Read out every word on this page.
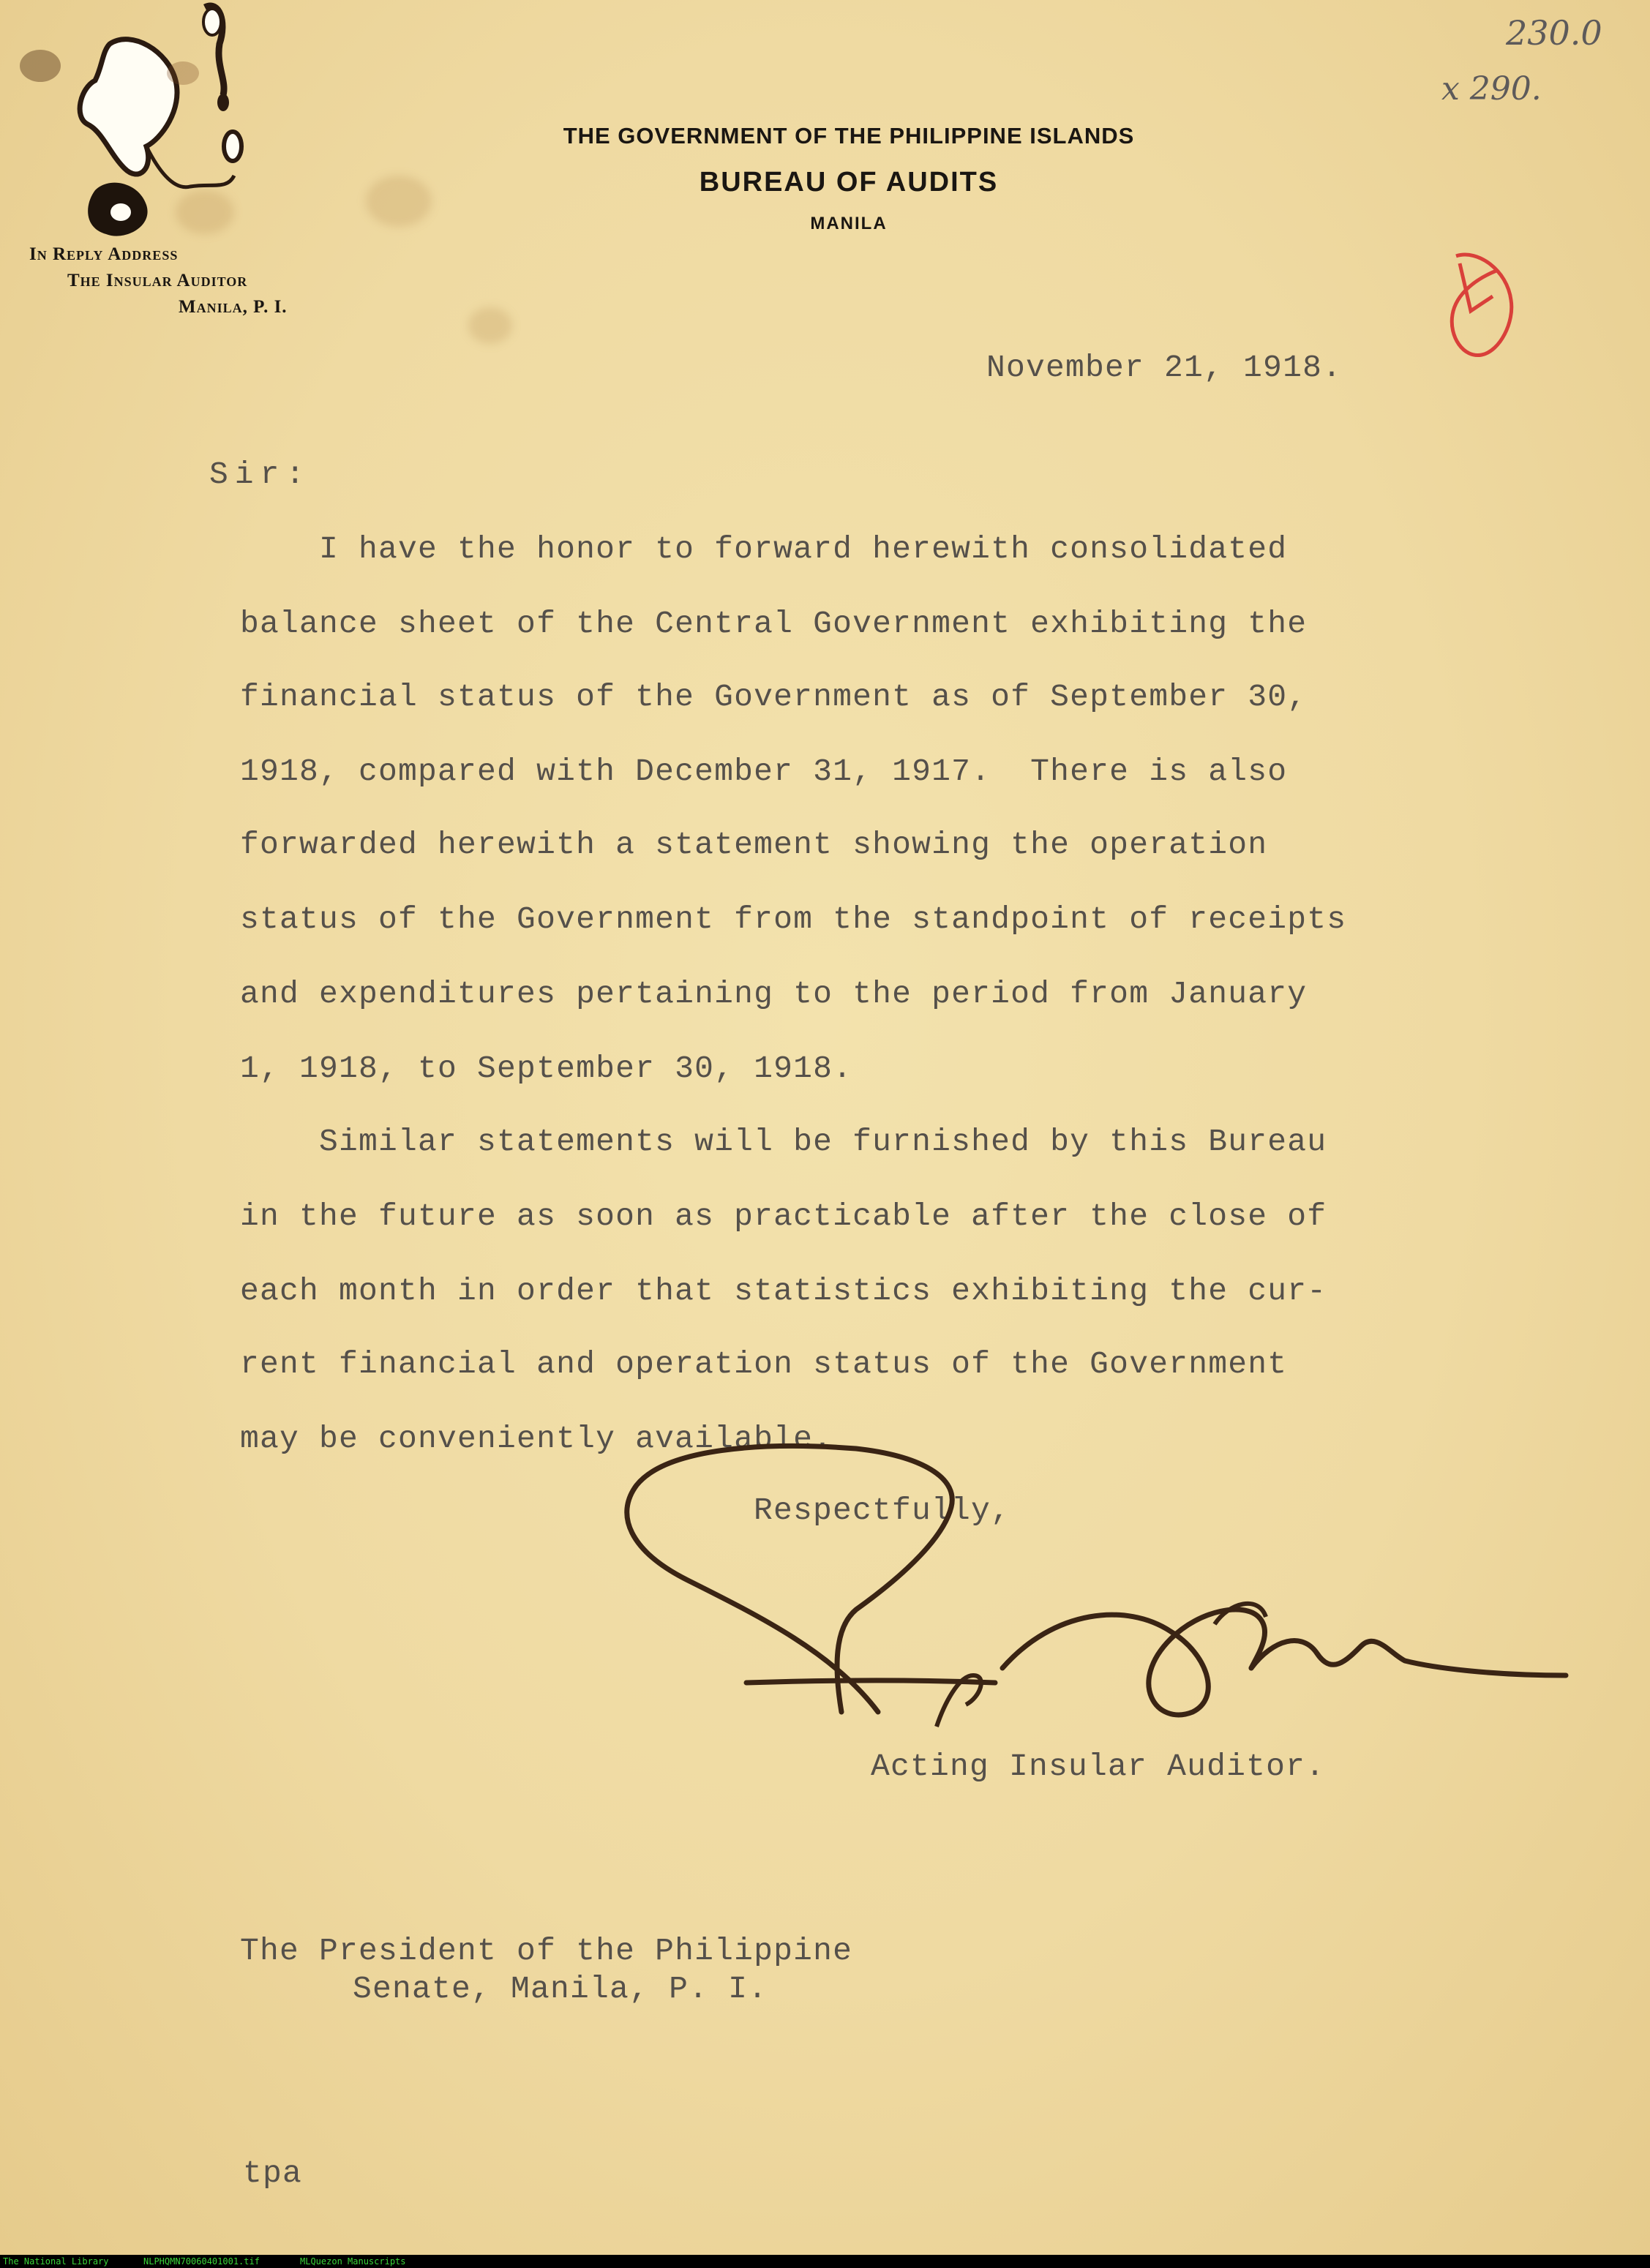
THE GOVERNMENT OF THE PHILIPPINE ISLANDS
BUREAU OF AUDITS
MANILA
In Reply Address
The Insular Auditor
Manila, P. I.
230.0
x 290.
November 21, 1918.
Sir:
I have the honor to forward herewith consolidated
balance sheet of the Central Government exhibiting the
financial status of the Government as of September 30,
1918, compared with December 31, 1917.  There is also
forwarded herewith a statement showing the operation
status of the Government from the standpoint of receipts
and expenditures pertaining to the period from January
1, 1918, to September 30, 1918.
Similar statements will be furnished by this Bureau
in the future as soon as practicable after the close of
each month in order that statistics exhibiting the cur-
rent financial and operation status of the Government
may be conveniently available.
Respectfully,
Acting Insular Auditor.
The President of the Philippine
Senate, Manila, P. I.
tpa
The National Library	NLPHQMN70060401001.tif	MLQuezon Manuscripts
